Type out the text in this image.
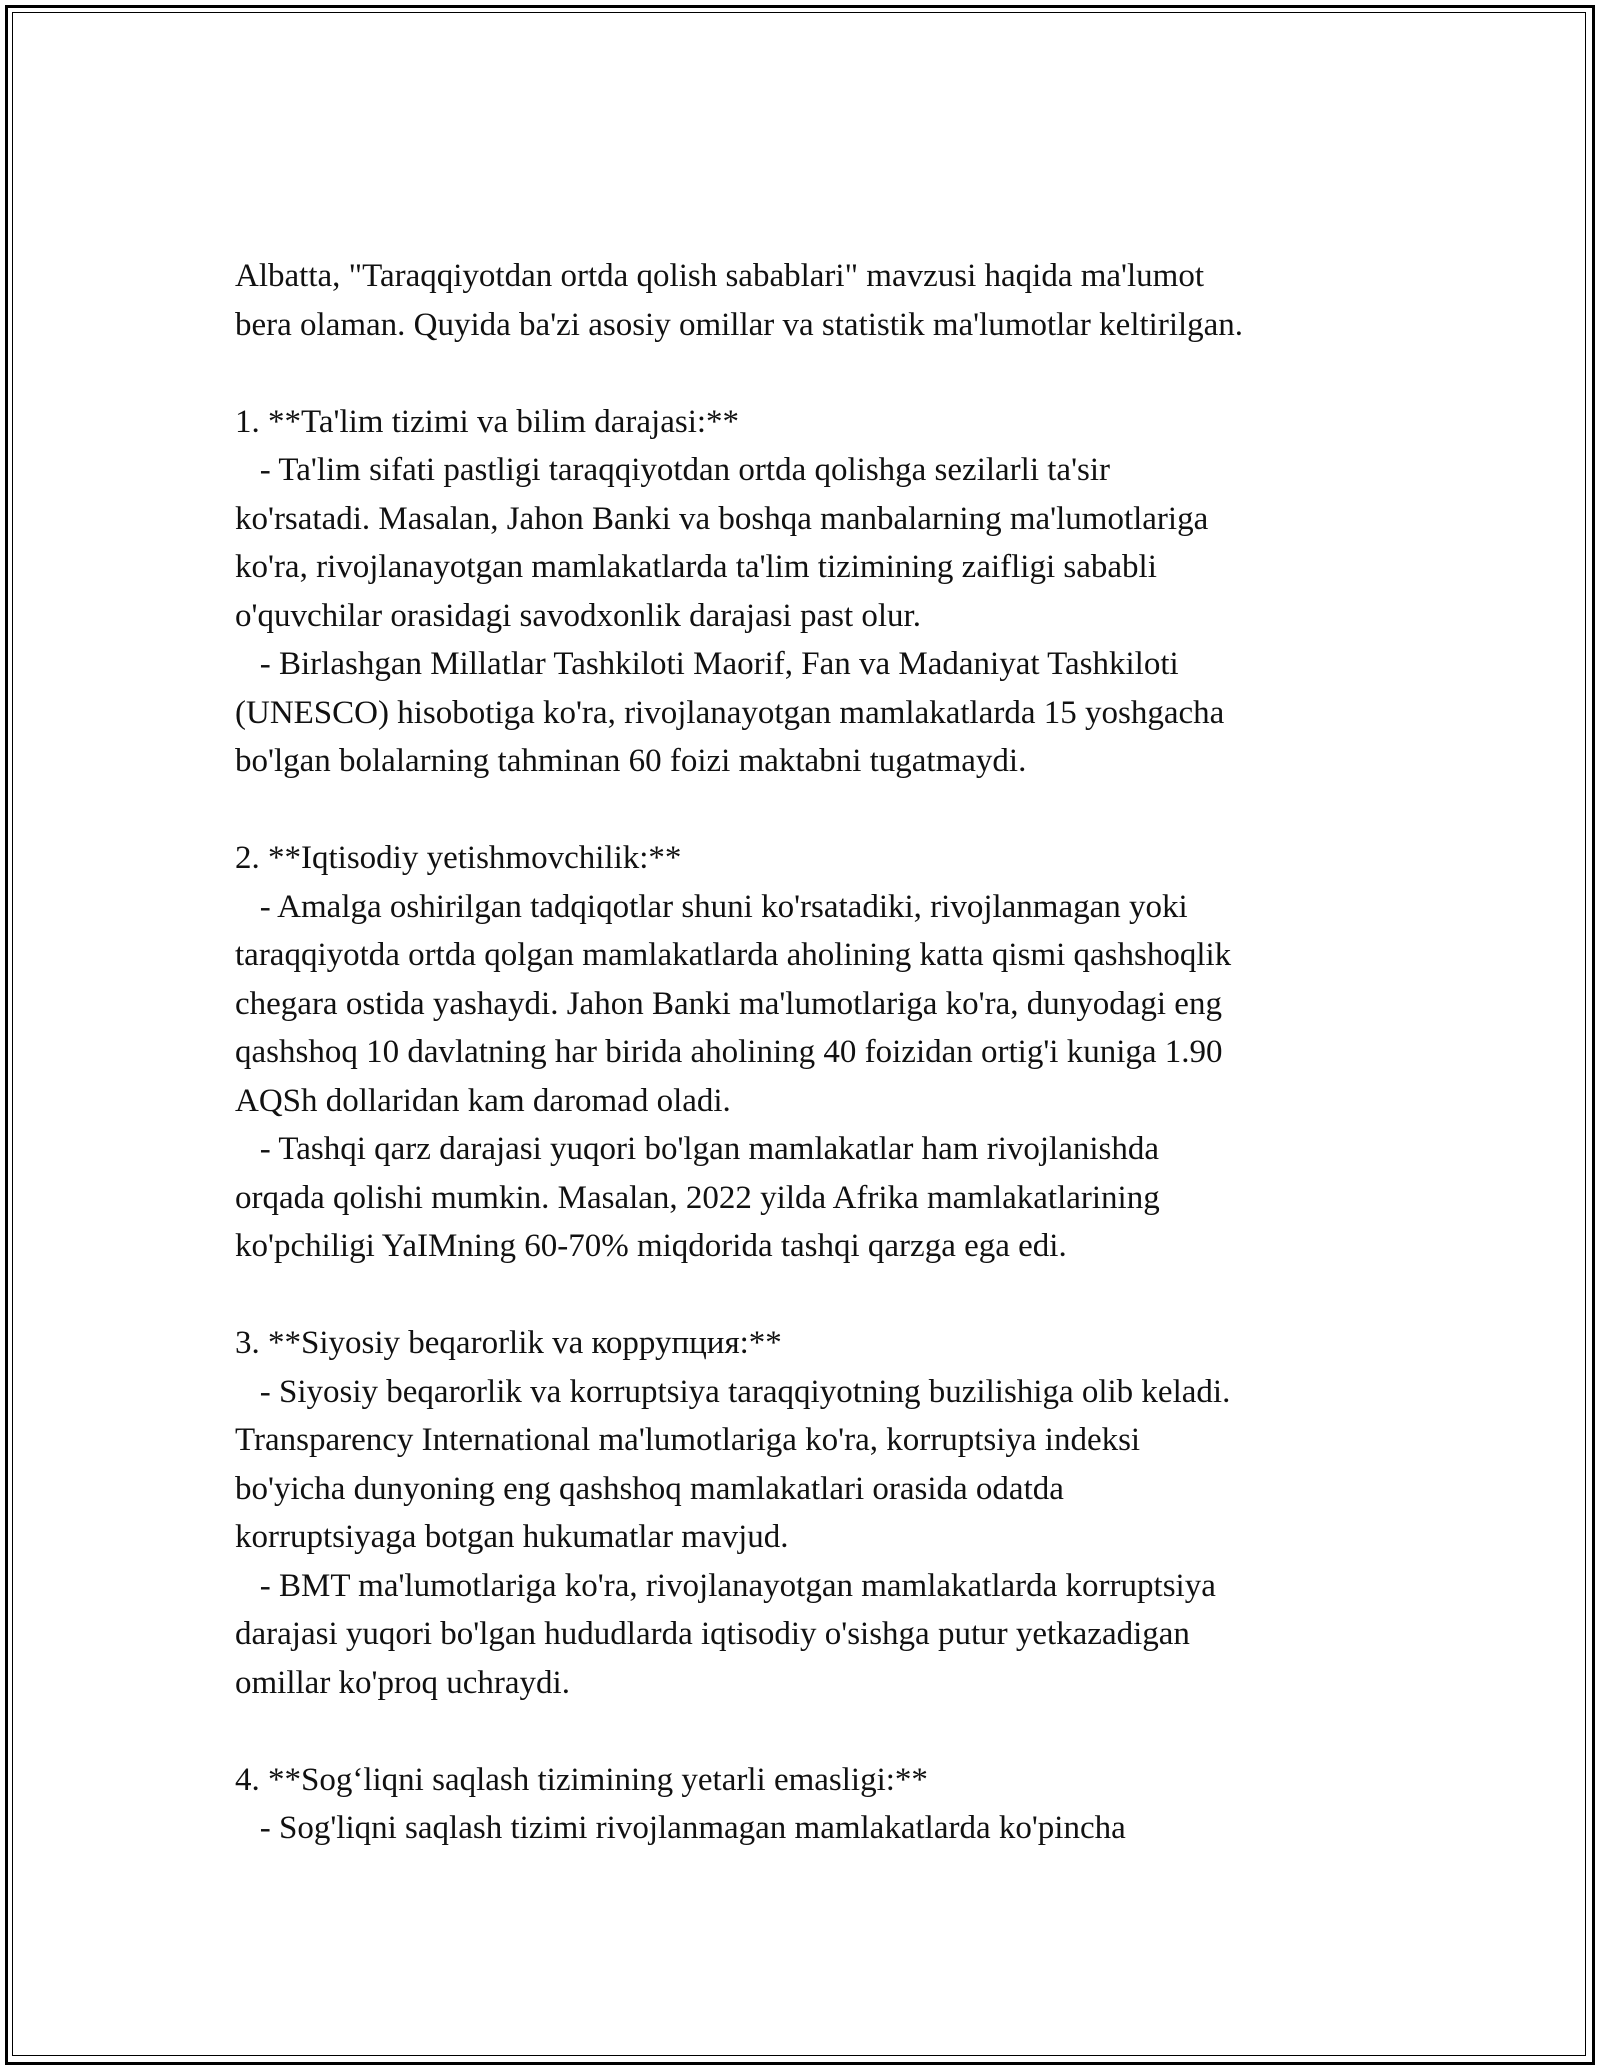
Albatta, "Taraqqiyotdan ortda qolish sabablari" mavzusi haqida ma'lumot

bera olaman. Quyida ba'zi asosiy omillar va statistik ma'lumotlar keltirilgan.

1. **Ta'lim tizimi va bilim darajasi:**

- Ta'lim sifati pastligi taraqqiyotdan ortda qolishga sezilarli ta'sir

ko'rsatadi. Masalan, Jahon Banki va boshqa manbalarning ma'lumotlariga

ko'ra, rivojlanayotgan mamlakatlarda ta'lim tizimining zaifligi sababli

o'quvchilar orasidagi savodxonlik darajasi past olur.

- Birlashgan Millatlar Tashkiloti Maorif, Fan va Madaniyat Tashkiloti

(UNESCO) hisobotiga ko'ra, rivojlanayotgan mamlakatlarda 15 yoshgacha

bo'lgan bolalarning tahminan 60 foizi maktabni tugatmaydi.

2. **Iqtisodiy yetishmovchilik:**

- Amalga oshirilgan tadqiqotlar shuni ko'rsatadiki, rivojlanmagan yoki

taraqqiyotda ortda qolgan mamlakatlarda aholining katta qismi qashshoqlik

chegara ostida yashaydi. Jahon Banki ma'lumotlariga ko'ra, dunyodagi eng

qashshoq 10 davlatning har birida aholining 40 foizidan ortig'i kuniga 1.90

AQSh dollaridan kam daromad oladi.

- Tashqi qarz darajasi yuqori bo'lgan mamlakatlar ham rivojlanishda

orqada qolishi mumkin. Masalan, 2022 yilda Afrika mamlakatlarining

ko'pchiligi YaIMning 60-70% miqdorida tashqi qarzga ega edi.

3. **Siyosiy beqarorlik va коррупция:**

- Siyosiy beqarorlik va korruptsiya taraqqiyotning buzilishiga olib keladi.

Transparency International ma'lumotlariga ko'ra, korruptsiya indeksi

bo'yicha dunyoning eng qashshoq mamlakatlari orasida odatda

korruptsiyaga botgan hukumatlar mavjud.

- BMT ma'lumotlariga ko'ra, rivojlanayotgan mamlakatlarda korruptsiya

darajasi yuqori bo'lgan hududlarda iqtisodiy o'sishga putur yetkazadigan

omillar ko'proq uchraydi.

4. **Sog‘liqni saqlash tizimining yetarli emasligi:**

- Sog'liqni saqlash tizimi rivojlanmagan mamlakatlarda ko'pincha
